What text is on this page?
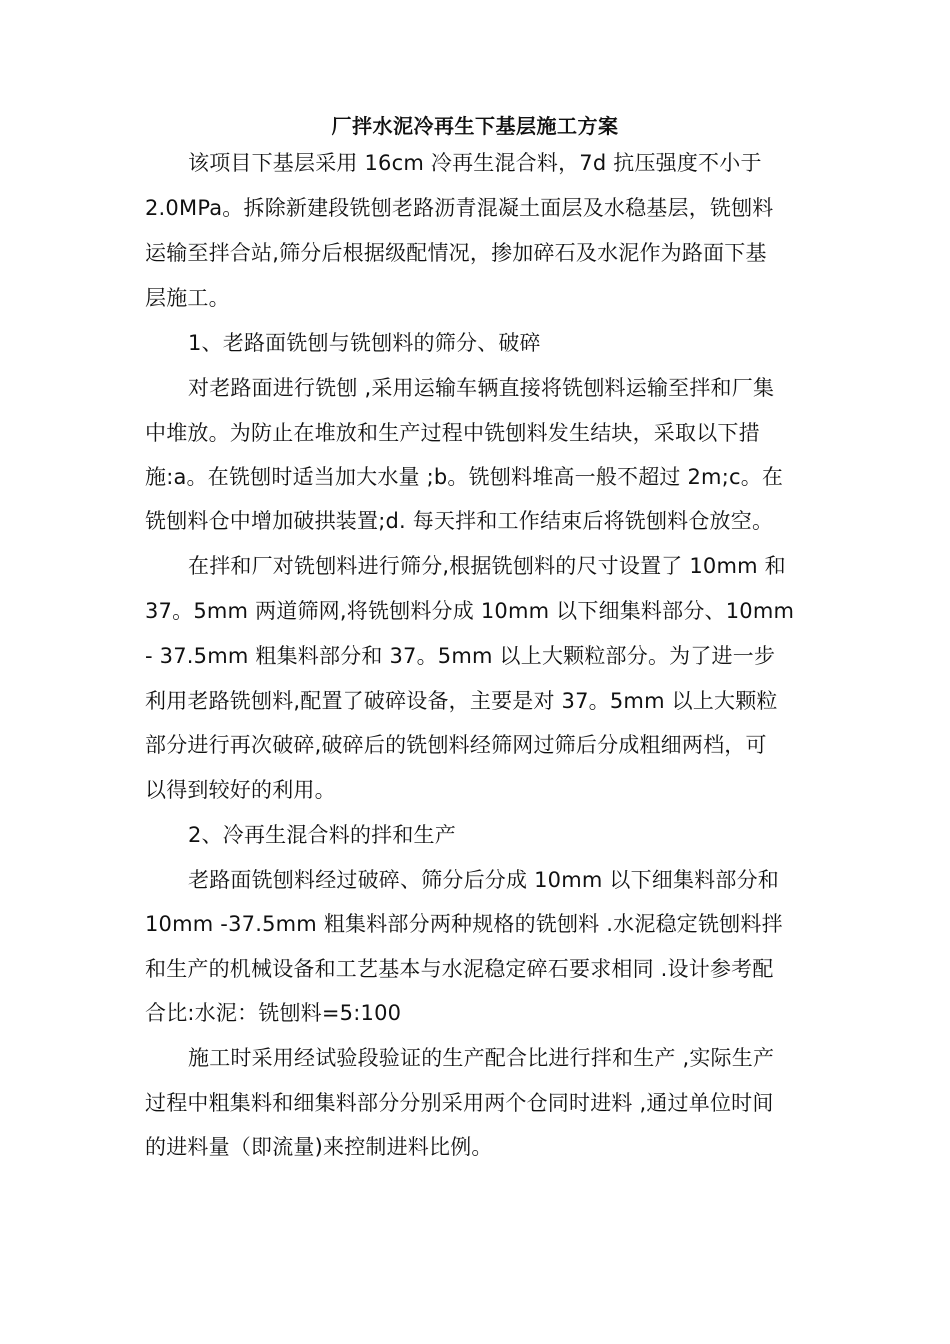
厂拌水泥冷再生下基层施工方案
该项目下基层采用 16cm 冷再生混合料，7d 抗压强度不小于
2.0MPa。拆除新建段铣刨老路沥青混凝土面层及水稳基层，铣刨料
运输至拌合站,筛分后根据级配情况，掺加碎石及水泥作为路面下基
层施工。
1、老路面铣刨与铣刨料的筛分、破碎
对老路面进行铣刨 ,采用运输车辆直接将铣刨料运输至拌和厂集
中堆放。为防止在堆放和生产过程中铣刨料发生结块，采取以下措
施:a。在铣刨时适当加大水量 ;b。铣刨料堆高一般不超过 2m;c。在
铣刨料仓中增加破拱装置;d. 每天拌和工作结束后将铣刨料仓放空。
在拌和厂对铣刨料进行筛分,根据铣刨料的尺寸设置了 10mm 和
37。5mm 两道筛网,将铣刨料分成 10mm 以下细集料部分、10mm
- 37.5mm 粗集料部分和 37。5mm 以上大颗粒部分。为了进一步
利用老路铣刨料,配置了破碎设备，主要是对 37。5mm 以上大颗粒
部分进行再次破碎,破碎后的铣刨料经筛网过筛后分成粗细两档，可
以得到较好的利用。
2、冷再生混合料的拌和生产
老路面铣刨料经过破碎、筛分后分成 10mm 以下细集料部分和
10mm -37.5mm 粗集料部分两种规格的铣刨料 .水泥稳定铣刨料拌
和生产的机械设备和工艺基本与水泥稳定碎石要求相同 .设计参考配
合比:水泥：铣刨料=5:100
施工时采用经试验段验证的生产配合比进行拌和生产 ,实际生产
过程中粗集料和细集料部分分别采用两个仓同时进料 ,通过单位时间
的进料量（即流量)来控制进料比例。
